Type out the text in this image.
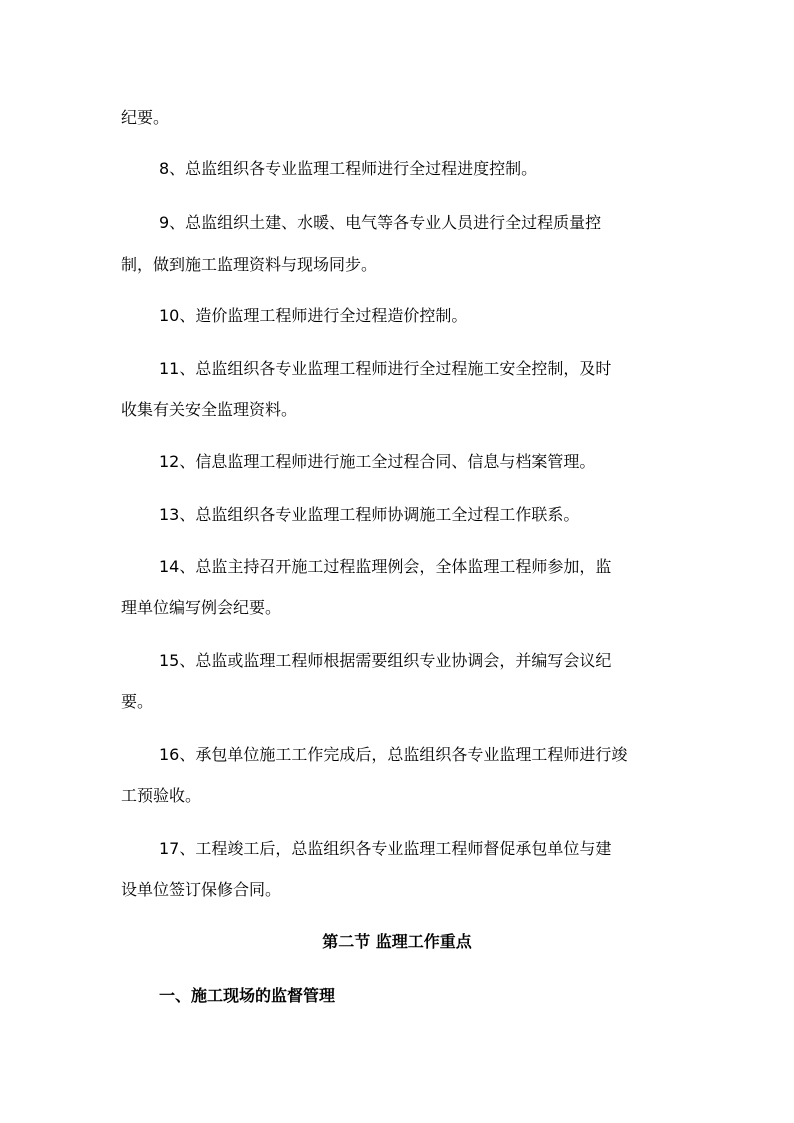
纪要。
8、总监组织各专业监理工程师进行全过程进度控制。
9、总监组织土建、水暖、电气等各专业人员进行全过程质量控
制，做到施工监理资料与现场同步。
10、造价监理工程师进行全过程造价控制。
11、总监组织各专业监理工程师进行全过程施工安全控制，及时
收集有关安全监理资料。
12、信息监理工程师进行施工全过程合同、信息与档案管理。
13、总监组织各专业监理工程师协调施工全过程工作联系。
14、总监主持召开施工过程监理例会，全体监理工程师参加，监
理单位编写例会纪要。
15、总监或监理工程师根据需要组织专业协调会，并编写会议纪
要。
16、承包单位施工工作完成后，总监组织各专业监理工程师进行竣
工预验收。
17、工程竣工后，总监组织各专业监理工程师督促承包单位与建
设单位签订保修合同。
第二节 监理工作重点
一、施工现场的监督管理
